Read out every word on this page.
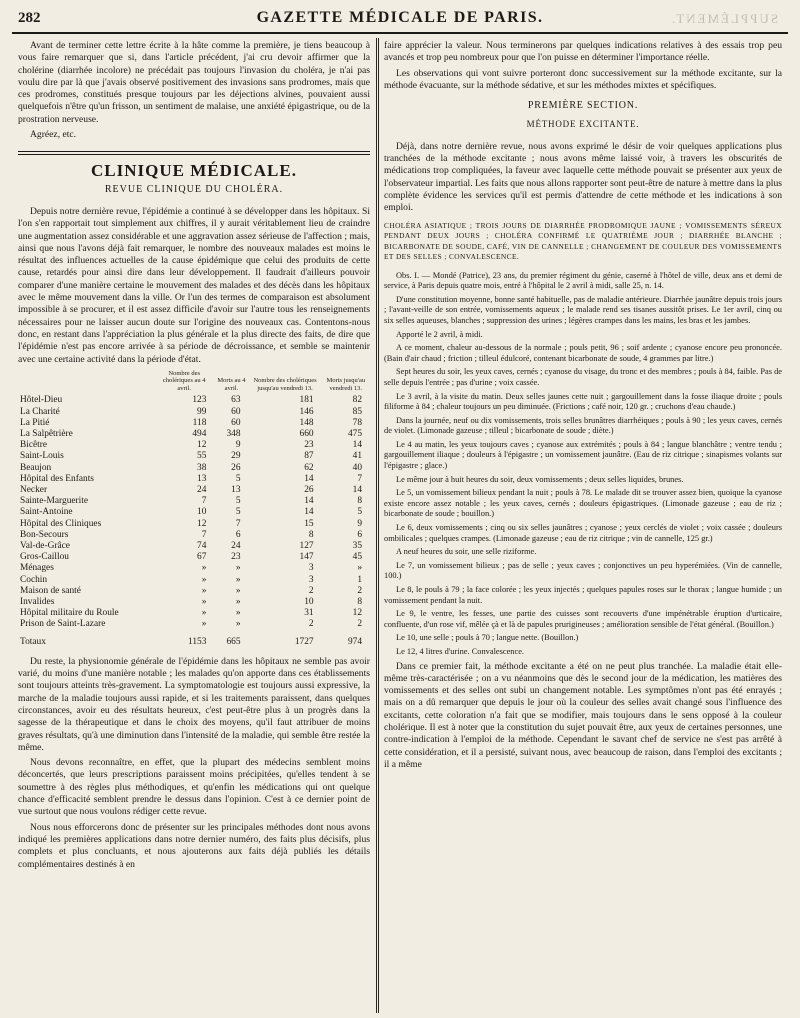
282	GAZETTE MÉDICALE DE PARIS.	SUPPLÉMENT.

Avant de terminer cette lettre écrite à la hâte comme la première, je tiens beaucoup à vous faire remarquer que si, dans l'article précédent, j'ai cru devoir affirmer que la cholérine (diarrhée incolore) ne précédait pas toujours l'invasion du choléra, je n'ai pas voulu dire par là que j'avais observé positivement des invasions sans prodromes, mais que ces prodromes, constitués presque toujours par les déjections alvines, pouvaient aussi quelquefois n'être qu'un frisson, un sentiment de malaise, une anxiété épigastrique, ou de la prostration nerveuse.

Agréez, etc.

CLINIQUE MÉDICALE.
REVUE CLINIQUE DU CHOLÉRA.

Depuis notre dernière revue, l'épidémie a continué à se développer dans les hôpitaux. Si l'on s'en rapportait tout simplement aux chiffres, il y aurait véritablement lieu de craindre une augmentation assez considérable et une aggravation assez sérieuse de l'affection ; mais, ainsi que nous l'avons déjà fait remarquer, le nombre des nouveaux malades est moins le résultat des influences actuelles de la cause épidémique que celui des produits de cette cause, retardés pour ainsi dire dans leur développement. Il faudrait d'ailleurs pouvoir comparer d'une manière certaine le mouvement des malades et des décès dans les hôpitaux avec le même mouvement dans la ville. Or l'un des termes de comparaison est absolument impossible à se procurer, et il est assez difficile d'avoir sur l'autre tous les renseignements nécessaires pour ne laisser aucun doute sur l'origine des nouveaux cas. Contentons-nous donc, en restant dans l'appréciation la plus générale et la plus directe des faits, de dire que l'épidémie n'est pas encore arrivée à sa période de décroissance, et semble se maintenir avec une certaine activité dans la période d'état.

	Nombre des cholériques au 4 avril.	Morts au 4 avril.	Nombre des cholériques jusqu'au vendredi 13.	Morts jusqu'au vendredi 13.
Hôtel-Dieu	123	63	181	82
La Charité	99	60	146	85
La Pitié	118	60	148	78
La Salpêtrière	494	348	660	475
Bicêtre	12	9	23	14
Saint-Louis	55	29	87	41
Beaujon	38	26	62	40
Hôpital des Enfants	13	5	14	7
Necker	24	13	26	14
Sainte-Marguerite	7	5	14	8
Saint-Antoine	10	5	14	5
Hôpital des Cliniques	12	7	15	9
Bon-Secours	7	6	8	6
Val-de-Grâce	74	24	127	35
Gros-Caillou	67	23	147	45
Ménages	»	»	3	»
Cochin	»	»	3	1
Maison de santé	»	»	2	2
Invalides	»	»	10	8
Hôpital militaire du Roule	»	»	31	12
Prison de Saint-Lazare	»	»	2	2
Totaux	1153	665	1727	974

Du reste, la physionomie générale de l'épidémie dans les hôpitaux ne semble pas avoir varié, du moins d'une manière notable ; les malades qu'on apporte dans ces établissements sont toujours atteints très-gravement. La symptomatologie est toujours aussi expressive, la marche de la maladie toujours aussi rapide, et si les traitements paraissent, dans quelques circonstances, avoir eu des résultats heureux, c'est peut-être plus à un progrès dans la sagesse de la thérapeutique et dans le choix des moyens, qu'il faut attribuer de moins graves résultats, qu'à une diminution dans l'intensité de la maladie, qui semble être restée la même.

Nous devons reconnaître, en effet, que la plupart des médecins semblent moins déconcertés, que leurs prescriptions paraissent moins précipitées, qu'elles tendent à se soumettre à des règles plus méthodiques, et qu'enfin les médications qui ont quelque chance d'efficacité semblent prendre le dessus dans l'opinion. C'est à ce dernier point de vue surtout que nous voulons rédiger cette revue.

Nous nous efforcerons donc de présenter sur les principales méthodes dont nous avons indiqué les premières applications dans notre dernier numéro, des faits plus décisifs, plus complets et plus concluants, et nous ajouterons aux faits déjà publiés les détails complémentaires destinés à en

faire apprécier la valeur. Nous terminerons par quelques indications relatives à des essais trop peu avancés et trop peu nombreux pour que l'on puisse en déterminer l'importance réelle.

Les observations qui vont suivre porteront donc successivement sur la méthode excitante, sur la méthode évacuante, sur la méthode sédative, et sur les méthodes mixtes et spécifiques.

PREMIÈRE SECTION.
MÉTHODE EXCITANTE.

Déjà, dans notre dernière revue, nous avons exprimé le désir de voir quelques applications plus tranchées de la méthode excitante ; nous avons même laissé voir, à travers les obscurités de médications trop compliquées, la faveur avec laquelle cette méthode pouvait se présenter aux yeux de l'observateur impartial. Les faits que nous allons rapporter sont peut-être de nature à mettre dans la plus complète évidence les services qu'il est permis d'attendre de cette méthode et les indications à son emploi.

CHOLÉRA ASIATIQUE ; TROIS JOURS DE DIARRHÉE PRODROMIQUE JAUNE ; VOMISSEMENTS SÉREUX PENDANT DEUX JOURS ; CHOLÉRA CONFIRMÉ LE QUATRIÈME JOUR ; DIARRHÉE BLANCHE ; BICARBONATE DE SOUDE, CAFÉ, VIN DE CANNELLE ; CHANGEMENT DE COULEUR DES VOMISSEMENTS ET DES SELLES ; CONVALESCENCE.

Obs. I. — Mondé (Patrice), 23 ans, du premier régiment du génie, caserné à l'hôtel de ville, deux ans et demi de service, à Paris depuis quatre mois, entré à l'hôpital le 2 avril à midi, salle 25, n. 14.

D'une constitution moyenne, bonne santé habituelle, pas de maladie antérieure. Diarrhée jaunâtre depuis trois jours ; l'avant-veille de son entrée, vomissements aqueux ; le malade rend ses tisanes aussitôt prises. Le 1er avril, cinq ou six selles aqueuses, blanches ; suppression des urines ; légères crampes dans les mains, les bras et les jambes.

Apporté le 2 avril, à midi.

A ce moment, chaleur au-dessous de la normale ; pouls petit, 96 ; soif ardente ; cyanose encore peu prononcée. (Bain d'air chaud ; friction ; tilleul édulcoré, contenant bicarbonate de soude, 4 grammes par litre.)

Sept heures du soir, les yeux caves, cernés ; cyanose du visage, du tronc et des membres ; pouls à 84, faible. Pas de selle depuis l'entrée ; pas d'urine ; voix cassée.

Le 3 avril, à la visite du matin. Deux selles jaunes cette nuit ; gargouillement dans la fosse iliaque droite ; pouls filiforme à 84 ; chaleur toujours un peu diminuée. (Frictions ; café noir, 120 gr. ; cruchons d'eau chaude.)

Dans la journée, neuf ou dix vomissements, trois selles brunâtres diarrhéiques ; pouls à 90 ; les yeux caves, cernés de violet. (Limonade gazeuse ; tilleul ; bicarbonate de soude ; diète.)

Le 4 au matin, les yeux toujours caves ; cyanose aux extrémités ; pouls à 84 ; langue blanchâtre ; ventre tendu ; gargouillement iliaque ; douleurs à l'épigastre ; un vomissement jaunâtre. (Eau de riz citrique ; sinapismes volants sur l'épigastre ; glace.)

Le même jour à huit heures du soir, deux vomissements ; deux selles liquides, brunes.

Le 5, un vomissement bilieux pendant la nuit ; pouls à 78. Le malade dit se trouver assez bien, quoique la cyanose existe encore assez notable ; les yeux caves, cernés ; douleurs épigastriques. (Limonade gazeuse ; eau de riz ; bicarbonate de soude ; bouillon.)

Le 6, deux vomissements ; cinq ou six selles jaunâtres ; cyanose ; yeux cerclés de violet ; voix cassée ; douleurs ombilicales ; quelques crampes. (Limonade gazeuse ; eau de riz citrique ; vin de cannelle, 125 gr.)

A neuf heures du soir, une selle riziforme.

Le 7, un vomissement bilieux ; pas de selle ; yeux caves ; conjonctives un peu hyperémiées. (Vin de cannelle, 100.)

Le 8, le pouls à 79 ; la face colorée ; les yeux injectés ; quelques papules roses sur le thorax ; langue humide ; un vomissement pendant la nuit.

Le 9, le ventre, les fesses, une partie des cuisses sont recouverts d'une impénétrable éruption d'urticaire, confluente, d'un rose vif, mêlée çà et là de papules prurigineuses ; amélioration sensible de l'état général. (Bouillon.)

Le 10, une selle ; pouls à 70 ; langue nette. (Bouillon.)

Le 12, 4 litres d'urine. Convalescence.

Dans ce premier fait, la méthode excitante a été on ne peut plus tranchée. La maladie était elle-même très-caractérisée ; on a vu néanmoins que dès le second jour de la médication, les matières des vomissements et des selles ont subi un changement notable. Les symptômes n'ont pas été enrayés ; mais on a dû remarquer que depuis le jour où la couleur des selles avait changé sous l'influence des excitants, cette coloration n'a fait que se modifier, mais toujours dans le sens opposé à la couleur cholérique. Il est à noter que la constitution du sujet pouvait être, aux yeux de certaines personnes, une contre-indication à l'emploi de la méthode. Cependant le savant chef de service ne s'est pas arrêté à cette considération, et il a persisté, suivant nous, avec beaucoup de raison, dans l'emploi des excitants ; il a même
